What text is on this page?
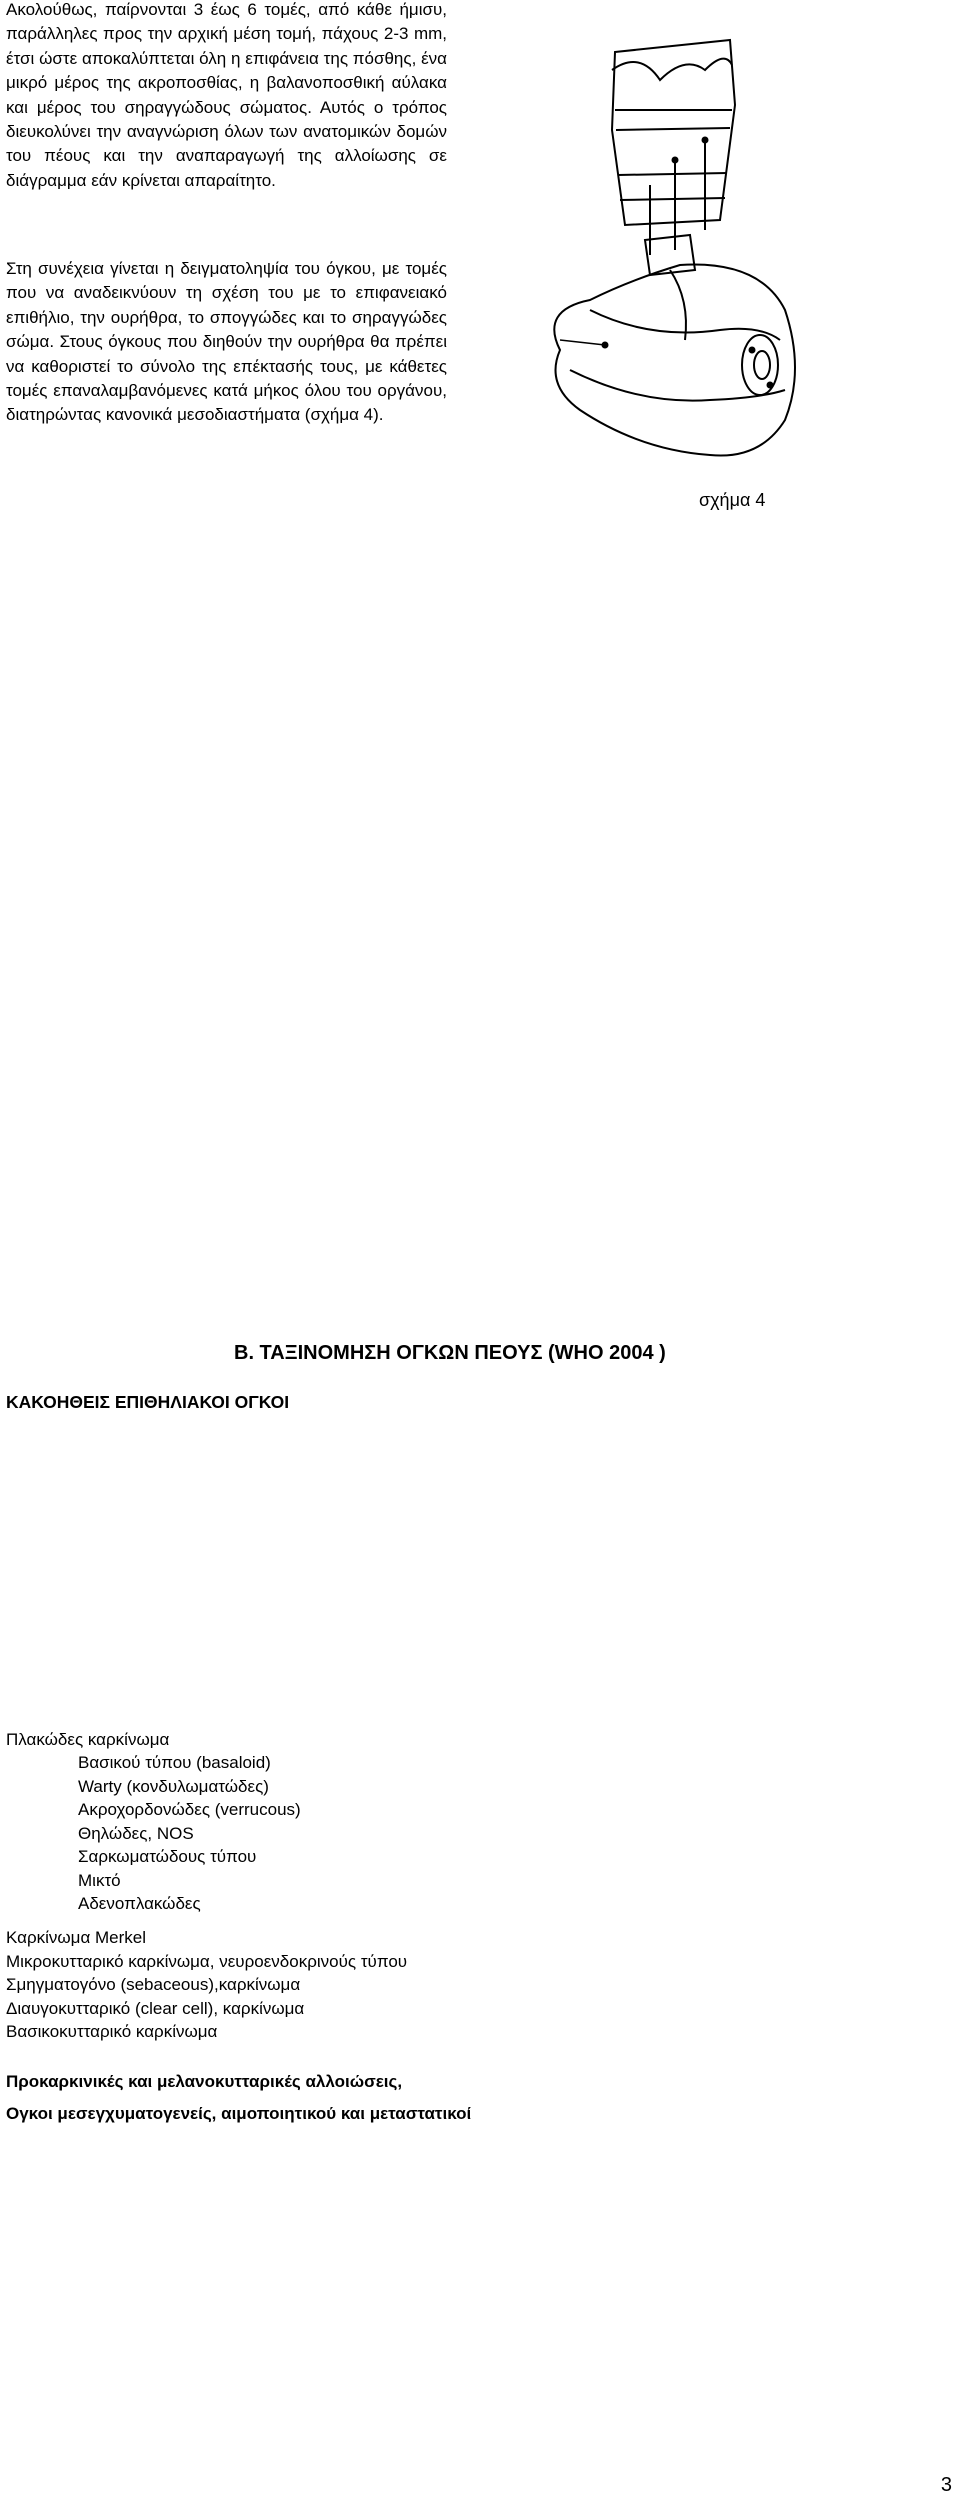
Ακολούθως, παίρνονται 3 έως 6 τομές, από κάθε ήμισυ, παράλληλες προς την αρχική μέση τομή, πάχους 2-3 mm, έτσι ώστε αποκαλύπτεται όλη η επιφάνεια της πόσθης, ένα μικρό μέρος της ακροποσθίας, η βαλανοποσθική αύλακα και μέρος του σηραγγώδους σώματος. Αυτός ο τρόπος διευκολύνει την αναγνώριση όλων των ανατομικών δομών του πέους και την αναπαραγωγή της αλλοίωσης σε διάγραμμα εάν κρίνεται απαραίτητο.

Στη συνέχεια γίνεται η δειγματοληψία του όγκου, με τομές που να αναδεικνύουν τη σχέση του με το επιφανειακό επιθήλιο, την ουρήθρα, το σπογγώδες και το σηραγγώδες σώμα. Στους όγκους που διηθούν την ουρήθρα θα πρέπει να καθοριστεί το σύνολο της επέκτασής τους, με κάθετες τομές επαναλαμβανόμενες κατά μήκος όλου του οργάνου, διατηρώντας κανονικά μεσοδιαστήματα (σχήμα 4).

σχήμα 4
Β. ΤΑΞΙΝΟΜΗΣΗ ΟΓΚΩΝ ΠΕΟΥΣ (WHO 2004 )
ΚΑΚΟΗΘΕΙΣ ΕΠΙΘΗΛΙΑΚΟΙ ΟΓΚΟΙ
Πλακώδες καρκίνωμα
Βασικού τύπου (basaloid)
Warty (κονδυλωματώδες)
Ακροχορδονώδες (verrucous)
Θηλώδες, NOS
Σαρκωματώδους τύπου
Μικτό
Αδενοπλακώδες
Καρκίνωμα Merkel
Μικροκυτταρικό καρκίνωμα, νευροενδοκρινούς τύπου
Σμηγματογόνο (sebaceous),καρκίνωμα
Διαυγοκυτταρικό (clear cell), καρκίνωμα
Βασικοκυτταρικό καρκίνωμα

Προκαρκινικές και μελανοκυτταρικές αλλοιώσεις,

Ογκοι μεσεγχυματογενείς, αιμοποιητικού και μεταστατικοί

3
